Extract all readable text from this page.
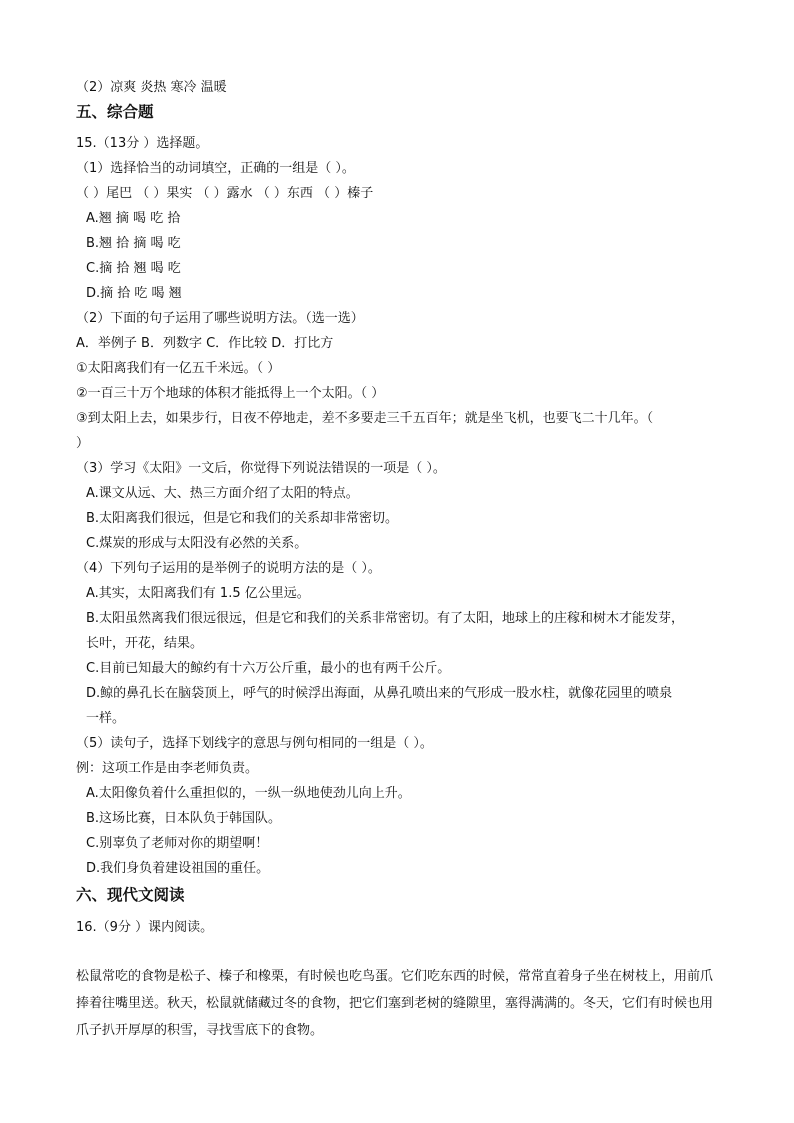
（2）凉爽 炎热 寒冷 温暖
五、综合题
15.（13分 ）选择题。
（1）选择恰当的动词填空，正确的一组是（ ）。
（ ）尾巴 （ ）果实 （ ）露水 （ ）东西 （ ）榛子
A.翘 摘 喝 吃 拾
B.翘 拾 摘 喝 吃
C.摘 拾 翘 喝 吃
D.摘 拾 吃 喝 翘
（2）下面的句子运用了哪些说明方法。（选一选）
A．举例子 B．列数字 C．作比较 D．打比方
①太阳离我们有一亿五千米远。（ ）
②一百三十万个地球的体积才能抵得上一个太阳。（ ）
③到太阳上去，如果步行，日夜不停地走，差不多要走三千五百年；就是坐飞机，也要飞二十几年。（
）
（3）学习《太阳》一文后，你觉得下列说法错误的一项是（ ）。
A.课文从远、大、热三方面介绍了太阳的特点。
B.太阳离我们很远，但是它和我们的关系却非常密切。
C.煤炭的形成与太阳没有必然的关系。
（4）下列句子运用的是举例子的说明方法的是（ ）。
A.其实，太阳离我们有 1.5 亿公里远。
B.太阳虽然离我们很远很远，但是它和我们的关系非常密切。有了太阳，地球上的庄稼和树木才能发芽，
长叶，开花，结果。
C.目前已知最大的鲸约有十六万公斤重，最小的也有两千公斤。
D.鲸的鼻孔长在脑袋顶上，呼气的时候浮出海面，从鼻孔喷出来的气形成一股水柱，就像花园里的喷泉
一样。
（5）读句子，选择下划线字的意思与例句相同的一组是（ ）。
例：这项工作是由李老师负责。
A.太阳像负着什么重担似的，一纵一纵地使劲儿向上升。
B.这场比赛，日本队负于韩国队。
C.别辜负了老师对你的期望啊！
D.我们身负着建设祖国的重任。
六、现代文阅读
16.（9分 ）课内阅读。
松鼠常吃的食物是松子、榛子和橡栗，有时候也吃鸟蛋。它们吃东西的时候，常常直着身子坐在树枝上，用前爪捧着往嘴里送。秋天，松鼠就储藏过冬的食物，把它们塞到老树的缝隙里，塞得满满的。冬天，它们有时候也用爪子扒开厚厚的积雪，寻找雪底下的食物。
